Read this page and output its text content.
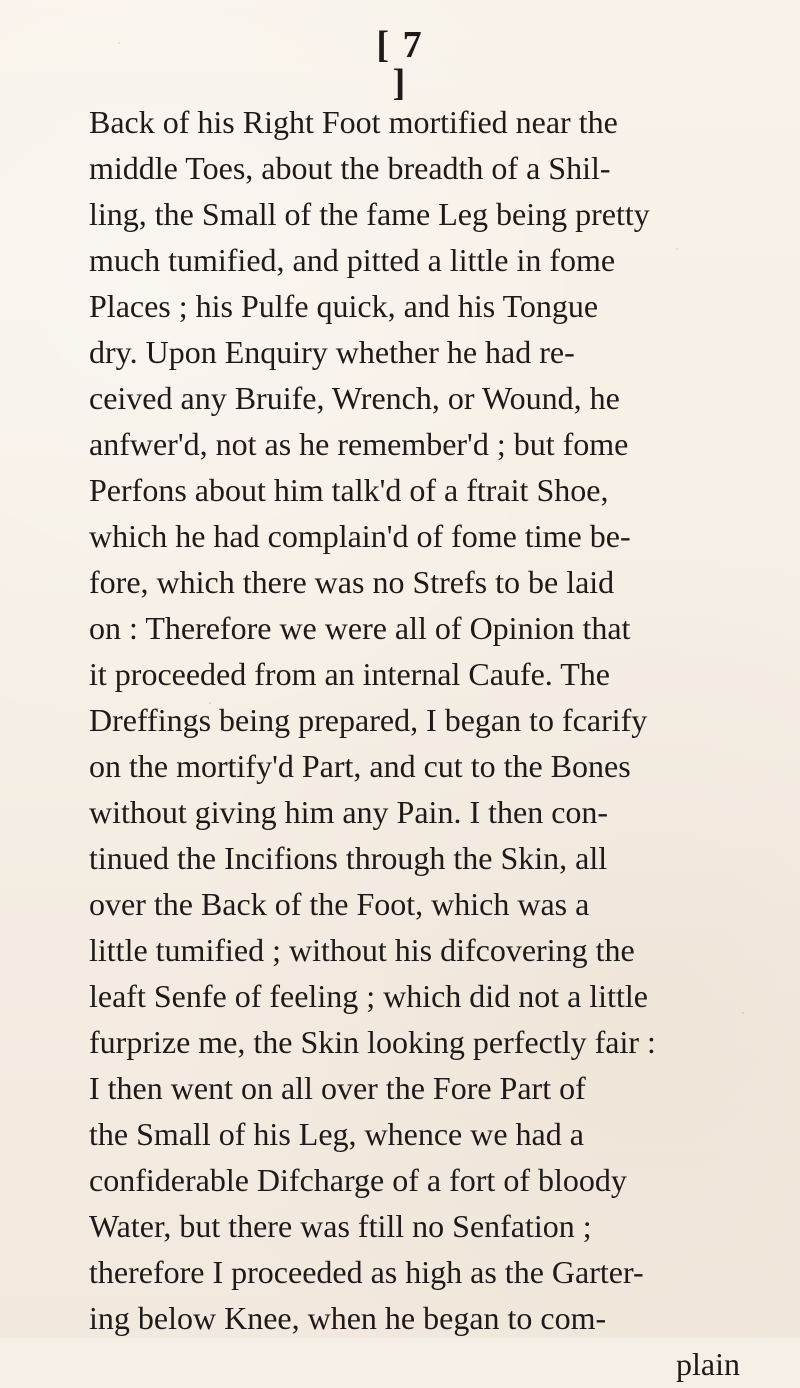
[ 7 ]
Back of his Right Foot mortified near the
middle Toes, about the breadth of a Shil-
ling, the Small of the fame Leg being pretty
much tumified, and pitted a little in fome
Places ; his Pulfe quick, and his Tongue
dry. Upon Enquiry whether he had re-
ceived any Bruife, Wrench, or Wound, he
anfwer'd, not as he remember'd ; but fome
Perfons about him talk'd of a ftrait Shoe,
which he had complain'd of fome time be-
fore, which there was no Strefs to be laid
on : Therefore we were all of Opinion that
it proceeded from an internal Caufe. The
Dreffings being prepared, I began to fcarify
on the mortify'd Part, and cut to the Bones
without giving him any Pain. I then con-
tinued the Incifions through the Skin, all
over the Back of the Foot, which was a
little tumified ; without his difcovering the
leaft Senfe of feeling ; which did not a little
furprize me, the Skin looking perfectly fair :
I then went on all over the Fore Part of
the Small of his Leg, whence we had a
confiderable Difcharge of a fort of bloody
Water, but there was ftill no Senfation ;
therefore I proceeded as high as the Garter-
ing below Knee, when he began to com-
plain
